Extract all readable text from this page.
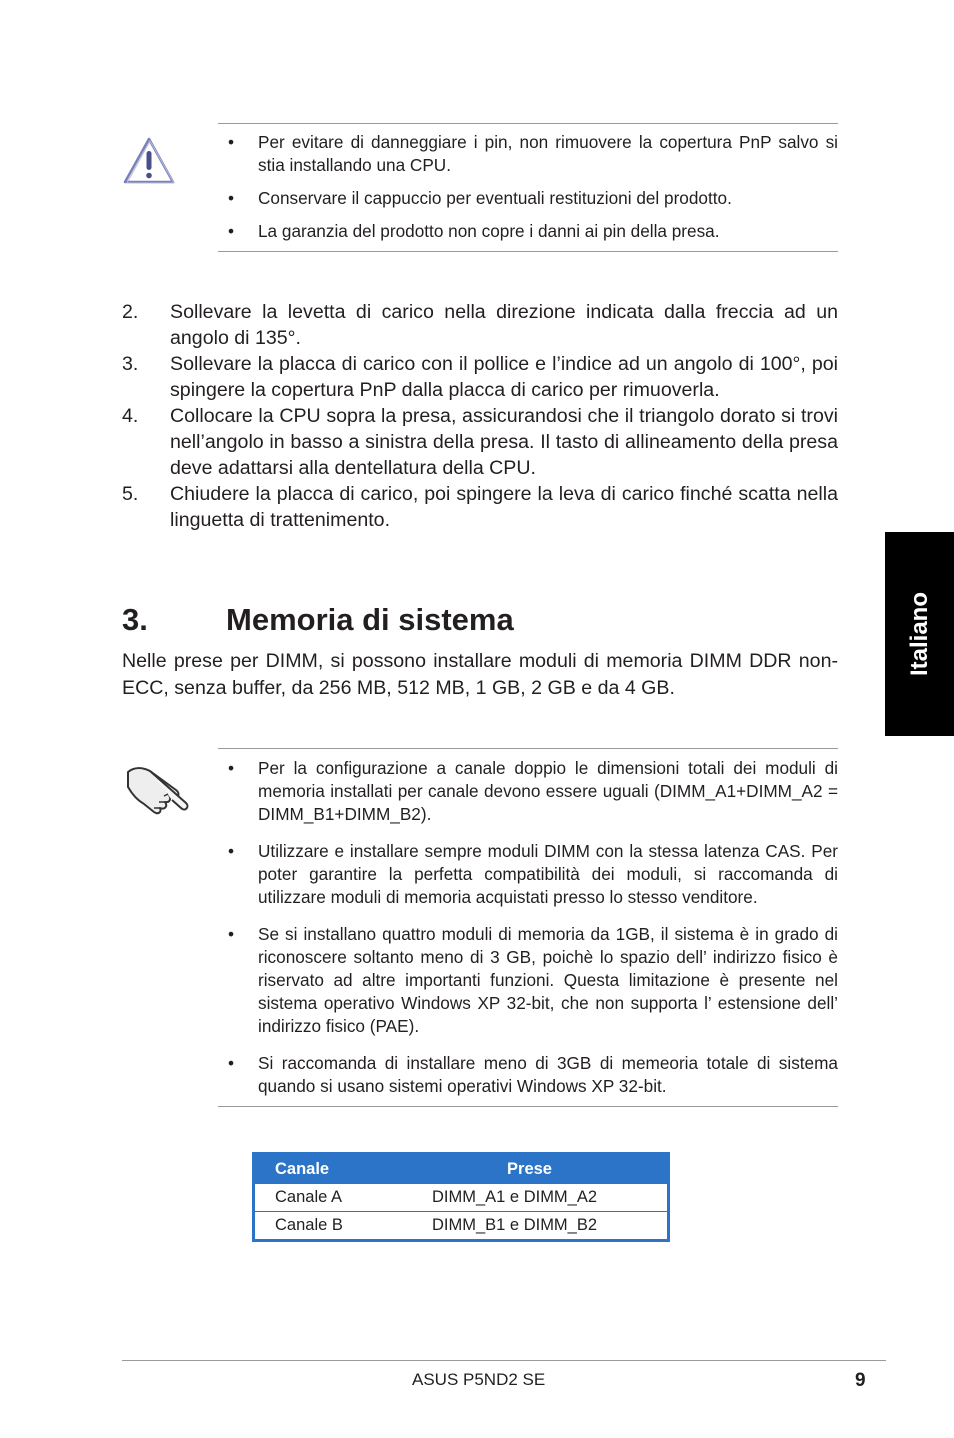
• Per evitare di danneggiare i pin, non rimuovere la copertura PnP salvo si stia installando una CPU.
• Conservare il cappuccio per eventuali restituzioni del prodotto.
• La garanzia del prodotto non copre i danni ai pin della presa.
2. Sollevare la levetta di carico nella direzione indicata dalla freccia ad un angolo di 135°.
3. Sollevare la placca di carico con il pollice e l’indice ad un angolo di 100°, poi spingere la copertura PnP dalla placca di carico per rimuoverla.
4. Collocare la CPU sopra la presa, assicurandosi che il triangolo dorato si trovi nell’angolo in basso a sinistra della presa. Il tasto di allineamento della presa deve adattarsi alla dentellatura della CPU.
5. Chiudere la placca di carico, poi spingere la leva di carico finché scatta nella linguetta di trattenimento.
3.	Memoria di sistema

Nelle prese per DIMM, si possono installare moduli di memoria DIMM DDR non-ECC, senza buffer, da 256 MB, 512 MB, 1 GB, 2 GB e da 4 GB.

Italiano
• Per la configurazione a canale doppio le dimensioni totali dei moduli di memoria installati per canale devono essere uguali (DIMM_A1+DIMM_A2 = DIMM_B1+DIMM_B2).
• Utilizzare e installare sempre moduli DIMM con la stessa latenza CAS. Per poter garantire la perfetta compatibilità dei moduli, si raccomanda di utilizzare moduli di memoria acquistati presso lo stesso venditore.
• Se si installano quattro moduli di memoria da 1GB, il sistema è in grado di riconoscere soltanto meno di 3 GB, poichè lo spazio dell’ indirizzo fisico è riservato ad altre importanti funzioni. Questa limitazione è presente nel sistema operativo Windows XP 32-bit, che non supporta l’ estensione dell’ indirizzo fisico (PAE).
• Si raccomanda di installare meno di 3GB di memeoria totale di sistema quando si usano sistemi operativi Windows XP 32-bit.
Canale	Prese
Canale A	DIMM_A1 e DIMM_A2
Canale B	DIMM_B1 e DIMM_B2
ASUS P5ND2 SE	9
